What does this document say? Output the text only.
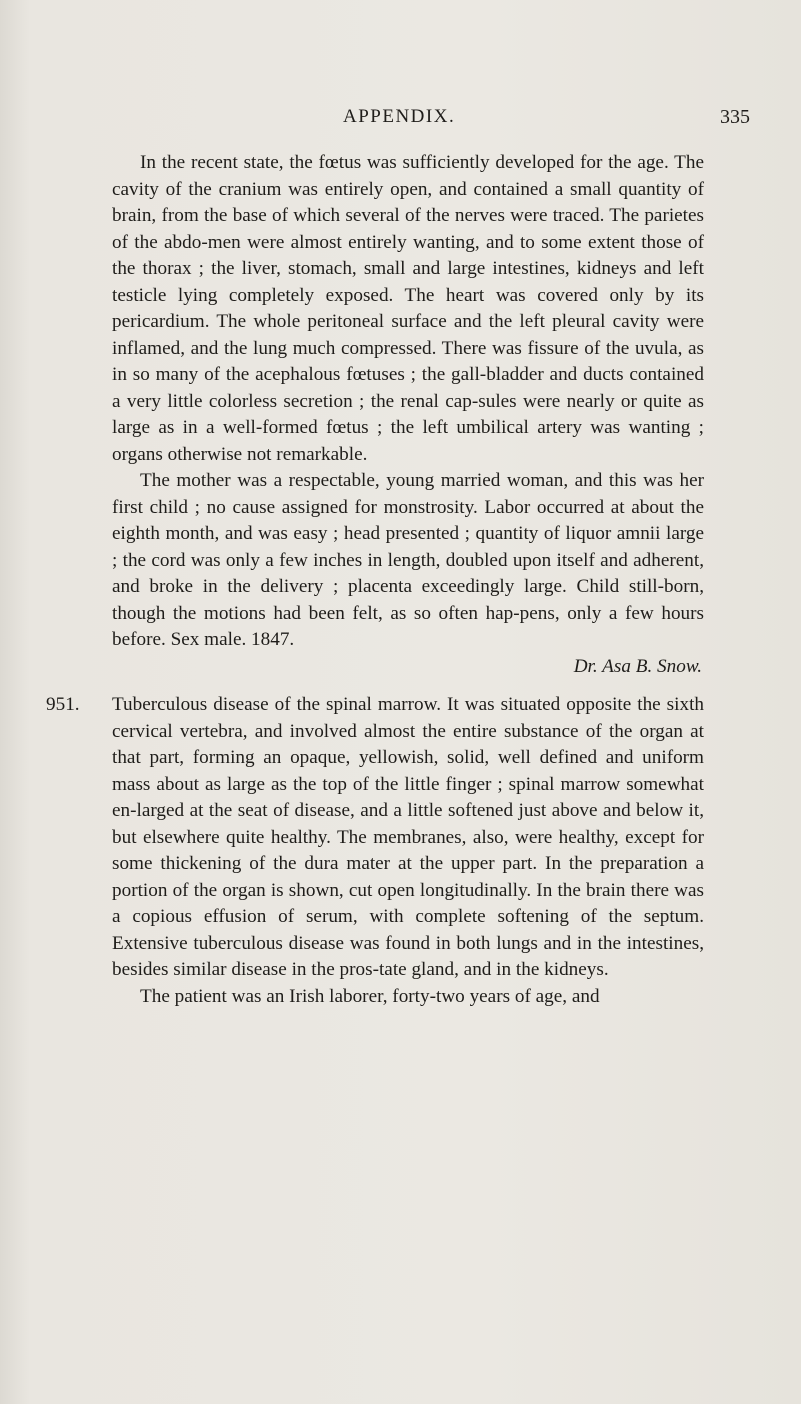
APPENDIX.	335

In the recent state, the fœtus was sufficiently developed for the age. The cavity of the cranium was entirely open, and contained a small quantity of brain, from the base of which several of the nerves were traced. The parietes of the abdo-men were almost entirely wanting, and to some extent those of the thorax ; the liver, stomach, small and large intestines, kidneys and left testicle lying completely exposed. The heart was covered only by its pericardium. The whole peritoneal surface and the left pleural cavity were inflamed, and the lung much compressed. There was fissure of the uvula, as in so many of the acephalous fœtuses ; the gall-bladder and ducts contained a very little colorless secretion ; the renal cap-sules were nearly or quite as large as in a well-formed fœtus ; the left umbilical artery was wanting ; organs otherwise not remarkable.

The mother was a respectable, young married woman, and this was her first child ; no cause assigned for monstrosity. Labor occurred at about the eighth month, and was easy ; head presented ; quantity of liquor amnii large ; the cord was only a few inches in length, doubled upon itself and adherent, and broke in the delivery ; placenta exceedingly large. Child still-born, though the motions had been felt, as so often hap-pens, only a few hours before. Sex male. 1847.

Dr. Asa B. Snow.

951. Tuberculous disease of the spinal marrow. It was situated opposite the sixth cervical vertebra, and involved almost the entire substance of the organ at that part, forming an opaque, yellowish, solid, well defined and uniform mass about as large as the top of the little finger ; spinal marrow somewhat en-larged at the seat of disease, and a little softened just above and below it, but elsewhere quite healthy. The membranes, also, were healthy, except for some thickening of the dura mater at the upper part. In the preparation a portion of the organ is shown, cut open longitudinally. In the brain there was a copious effusion of serum, with complete softening of the septum. Extensive tuberculous disease was found in both lungs and in the intestines, besides similar disease in the pros-tate gland, and in the kidneys.

The patient was an Irish laborer, forty-two years of age, and
